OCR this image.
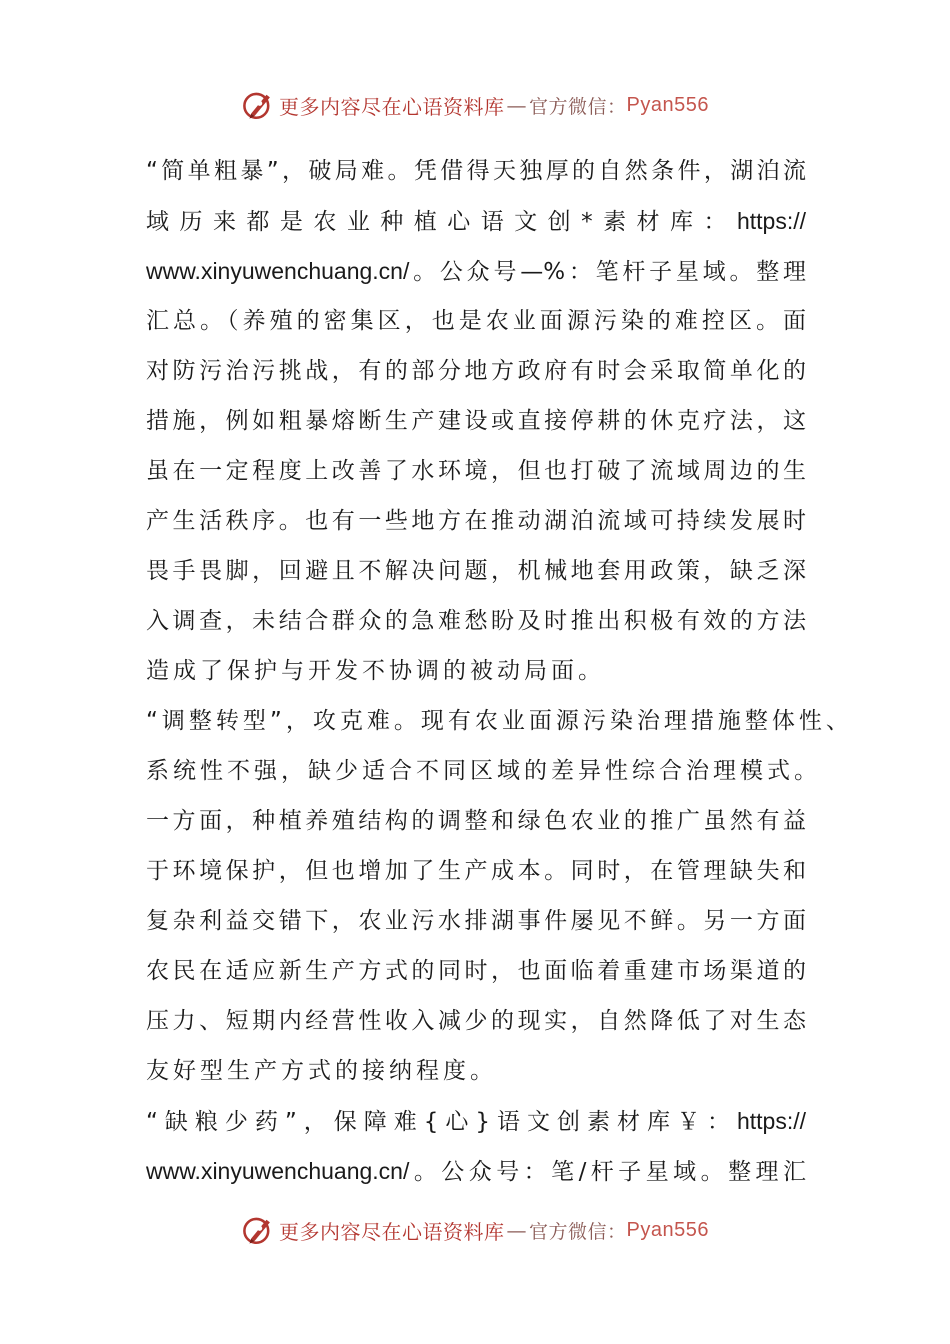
更多内容尽在心语资料库 — 官方微信： Pyan556
“简单粗暴”，破局难。凭借得天独厚的自然条件，湖泊流
域历来都是农业种植心语文创*素材库：https://
www.xinyuwenchuang.cn/。公众号—%：笔杆子星域。整理
汇总。（养殖的密集区，也是农业面源污染的难控区。面
对防污治污挑战，有的部分地方政府有时会采取简单化的
措施，例如粗暴熔断生产建设或直接停耕的休克疗法，这
虽在一定程度上改善了水环境，但也打破了流域周边的生
产生活秩序。也有一些地方在推动湖泊流域可持续发展时
畏手畏脚，回避且不解决问题，机械地套用政策，缺乏深
入调查，未结合群众的急难愁盼及时推出积极有效的方法
造成了保护与开发不协调的被动局面。
“调整转型”，攻克难。现有农业面源污染治理措施整体性、
系统性不强，缺少适合不同区域的差异性综合治理模式。
一方面，种植养殖结构的调整和绿色农业的推广虽然有益
于环境保护，但也增加了生产成本。同时，在管理缺失和
复杂利益交错下，农业污水排湖事件屡见不鲜。另一方面
农民在适应新生产方式的同时，也面临着重建市场渠道的
压力、短期内经营性收入减少的现实，自然降低了对生态
友好型生产方式的接纳程度。
“缺粮少药”，保障难{心}语文创素材库￥：https://
www.xinyuwenchuang.cn/。公众号：笔/杆子星域。整理汇
更多内容尽在心语资料库 — 官方微信： Pyan556
